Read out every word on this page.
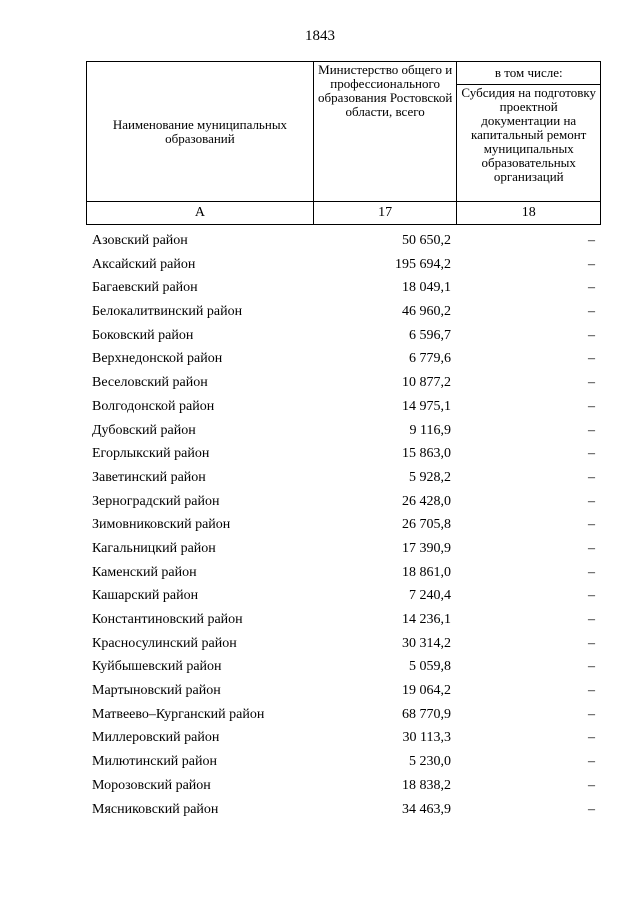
1843
Наименование муниципальных образований	Министерство общего и профессионального образования Ростовской области, всего	в том числе:
		Субсидия на подготовку проектной документации на капитальный ремонт муниципальных образовательных организаций
А	17	18
Азовский район	50 650,2	–
Аксайский район	195 694,2	–
Багаевский район	18 049,1	–
Белокалитвинский район	46 960,2	–
Боковский район	6 596,7	–
Верхнедонской район	6 779,6	–
Веселовский район	10 877,2	–
Волгодонской район	14 975,1	–
Дубовский район	9 116,9	–
Егорлыкский район	15 863,0	–
Заветинский район	5 928,2	–
Зерноградский район	26 428,0	–
Зимовниковский район	26 705,8	–
Кагальницкий район	17 390,9	–
Каменский район	18 861,0	–
Кашарский район	7 240,4	–
Константиновский район	14 236,1	–
Красносулинский район	30 314,2	–
Куйбышевский район	5 059,8	–
Мартыновский район	19 064,2	–
Матвеево–Курганский район	68 770,9	–
Миллеровский район	30 113,3	–
Милютинский район	5 230,0	–
Морозовский район	18 838,2	–
Мясниковский район	34 463,9	–
